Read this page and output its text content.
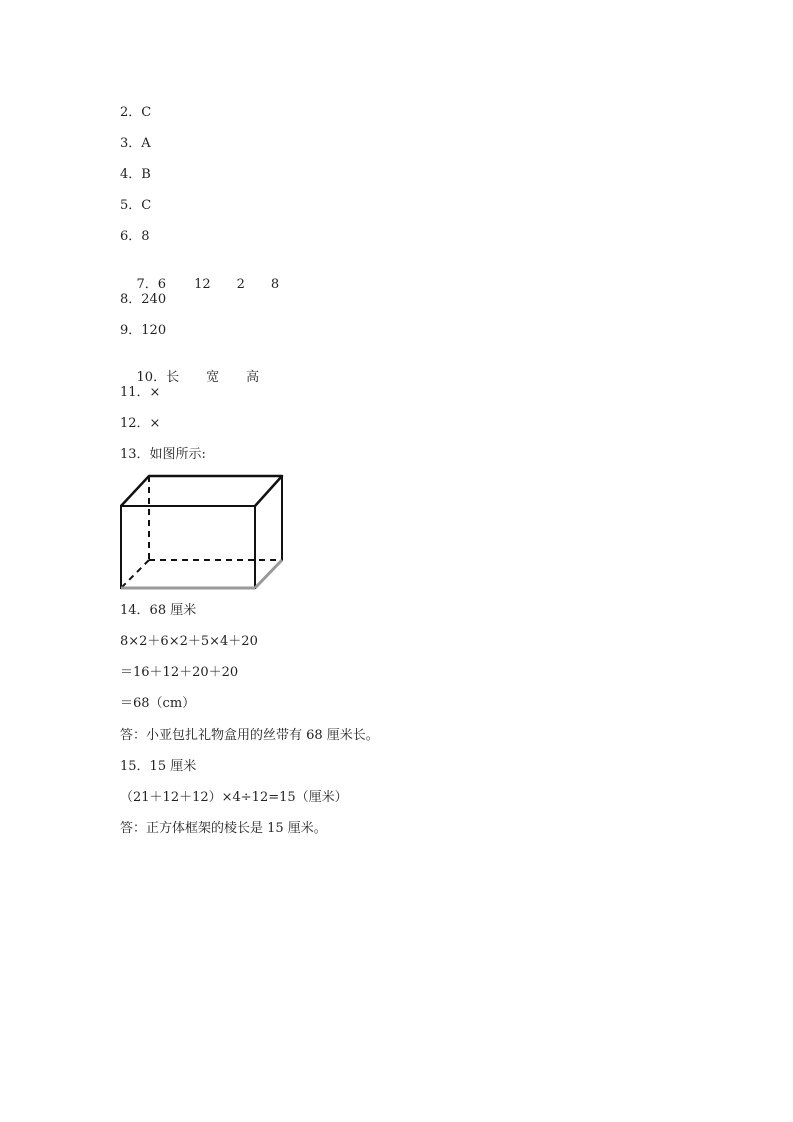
2．C
3．A
4．B
5．C
6．8

7．6 12 2 8

8．240
9．120

10．长 宽 高

11．×
12．×
13．如图所示:
14．68 厘米
8×2＋6×2＋5×4＋20
＝16＋12＋20＋20
＝68（cm）
答：小亚包扎礼物盒用的丝带有 68 厘米长。
15．15 厘米
（21＋12＋12）×4÷12=15（厘米）
答：正方体框架的棱长是 15 厘米。
